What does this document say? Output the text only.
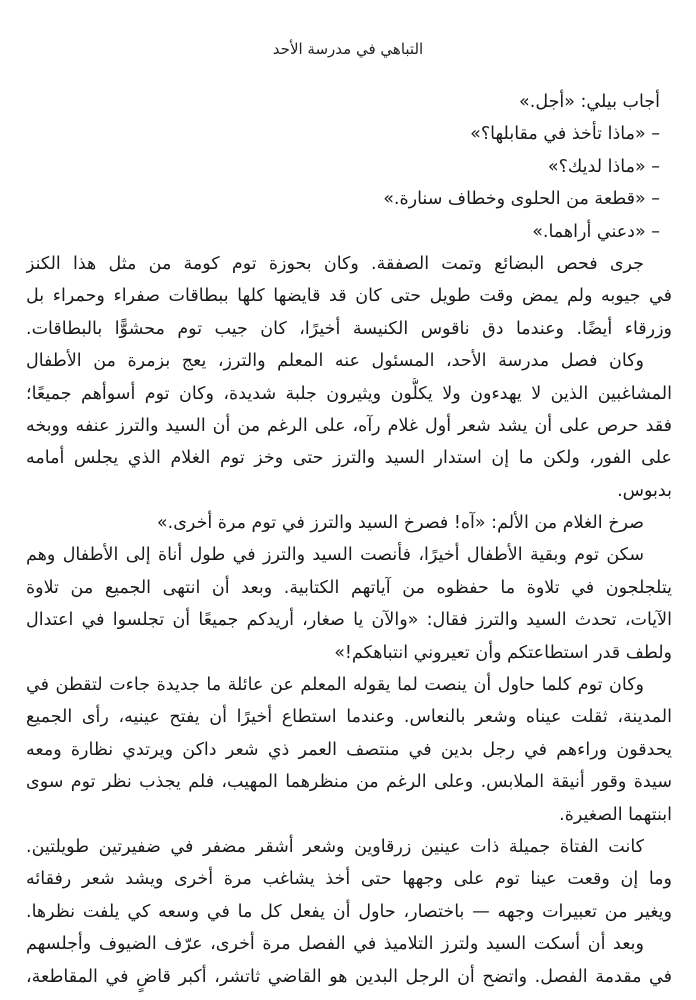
التباهي في مدرسة الأحد
أجاب بيلي: «أجل.»
– «ماذا تأخذ في مقابلها؟»
– «ماذا لديك؟»
– «قطعة من الحلوى وخطاف سنارة.»
– «دعني أراهما.»
جرى فحص البضائع وتمت الصفقة. وكان بحوزة توم كومة من مثل هذا الكنز
في جيوبه ولم يمض وقت طويل حتى كان قد قايضها كلها ببطاقات صفراء وحمراء بل
وزرقاء أيضًا. وعندما دق ناقوس الكنيسة أخيرًا، كان جيب توم محشوًّا بالبطاقات.
وكان فصل مدرسة الأحد، المسئول عنه المعلم والترز، يعج بزمرة من الأطفال
المشاغبين الذين لا يهدءون ولا يكلُّون ويثيرون جلبة شديدة، وكان توم أسوأهم جميعًا؛
فقد حرص على أن يشد شعر أول غلام رآه، على الرغم من أن السيد والترز عنفه ووبخه
على الفور، ولكن ما إن استدار السيد والترز حتى وخز توم الغلام الذي يجلس أمامه
بدبوس.
صرخ الغلام من الألم: «آه! فصرخ السيد والترز في توم مرة أخرى.»
سكن توم وبقية الأطفال أخيرًا، فأنصت السيد والترز في طول أناة إلى الأطفال وهم
يتلجلجون في تلاوة ما حفظوه من آياتهم الكتابية. وبعد أن انتهى الجميع من تلاوة
الآيات، تحدث السيد والترز فقال: «والآن يا صغار، أريدكم جميعًا أن تجلسوا في اعتدال
ولطف قدر استطاعتكم وأن تعيروني انتباهكم!»
وكان توم كلما حاول أن ينصت لما يقوله المعلم عن عائلة ما جديدة جاءت لتقطن في
المدينة، ثقلت عيناه وشعر بالنعاس. وعندما استطاع أخيرًا أن يفتح عينيه، رأى الجميع
يحدقون وراءهم في رجل بدين في منتصف العمر ذي شعر داكن ويرتدي نظارة ومعه
سيدة وقور أنيقة الملابس. وعلى الرغم من منظرهما المهيب، فلم يجذب نظر توم سوى
ابنتهما الصغيرة.
كانت الفتاة جميلة ذات عينين زرقاوين وشعر أشقر مضفر في ضفيرتين طويلتين.
وما إن وقعت عينا توم على وجهها حتى أخذ يشاغب مرة أخرى ويشد شعر رفقائه
ويغير من تعبيرات وجهه — باختصار، حاول أن يفعل كل ما في وسعه كي يلفت نظرها.
وبعد أن أسكت السيد ولترز التلاميذ في الفصل مرة أخرى، عرّف الضيوف وأجلسهم
في مقدمة الفصل. واتضح أن الرجل البدين هو القاضي ثاتشر، أكبر قاضٍ في المقاطعة،
